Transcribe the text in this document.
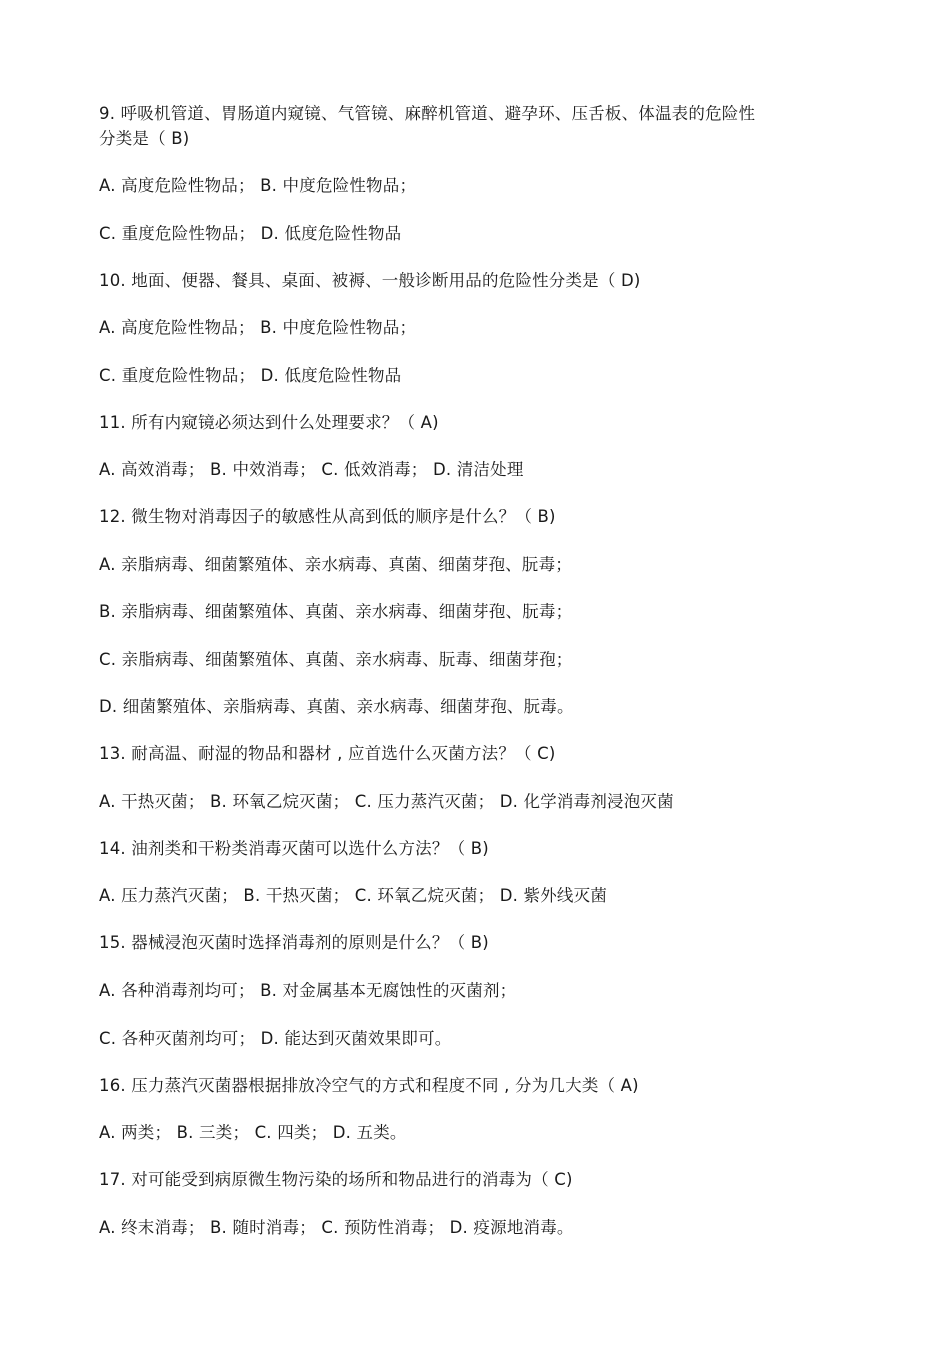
9. 呼吸机管道、胃肠道内窥镜、气管镜、麻醉机管道、避孕环、压舌板、体温表的危险性
分类是（ B)
A. 高度危险性物品； B. 中度危险性物品；
C. 重度危险性物品； D. 低度危险性物品
10. 地面、便器、餐具、桌面、被褥、一般诊断用品的危险性分类是（ D)
A. 高度危险性物品； B. 中度危险性物品；
C. 重度危险性物品； D. 低度危险性物品
11. 所有内窥镜必须达到什么处理要求？（ A)
A. 高效消毒； B. 中效消毒； C. 低效消毒； D. 清洁处理
12. 微生物对消毒因子的敏感性从高到低的顺序是什么？（ B)
A. 亲脂病毒、细菌繁殖体、亲水病毒、真菌、细菌芽孢、朊毒；
B. 亲脂病毒、细菌繁殖体、真菌、亲水病毒、细菌芽孢、朊毒；
C. 亲脂病毒、细菌繁殖体、真菌、亲水病毒、朊毒、细菌芽孢；
D. 细菌繁殖体、亲脂病毒、真菌、亲水病毒、细菌芽孢、朊毒。
13. 耐高温、耐湿的物品和器材 , 应首选什么灭菌方法？（ C)
A. 干热灭菌； B. 环氧乙烷灭菌； C. 压力蒸汽灭菌； D. 化学消毒剂浸泡灭菌
14. 油剂类和干粉类消毒灭菌可以选什么方法？（ B)
A. 压力蒸汽灭菌； B. 干热灭菌； C. 环氧乙烷灭菌； D. 紫外线灭菌
15. 器械浸泡灭菌时选择消毒剂的原则是什么？（ B)
A. 各种消毒剂均可； B. 对金属基本无腐蚀性的灭菌剂；
C. 各种灭菌剂均可； D. 能达到灭菌效果即可。
16. 压力蒸汽灭菌器根据排放冷空气的方式和程度不同 , 分为几大类（ A)
A. 两类； B. 三类； C. 四类； D. 五类。
17. 对可能受到病原微生物污染的场所和物品进行的消毒为（ C)
A. 终末消毒； B. 随时消毒； C. 预防性消毒； D. 疫源地消毒。
